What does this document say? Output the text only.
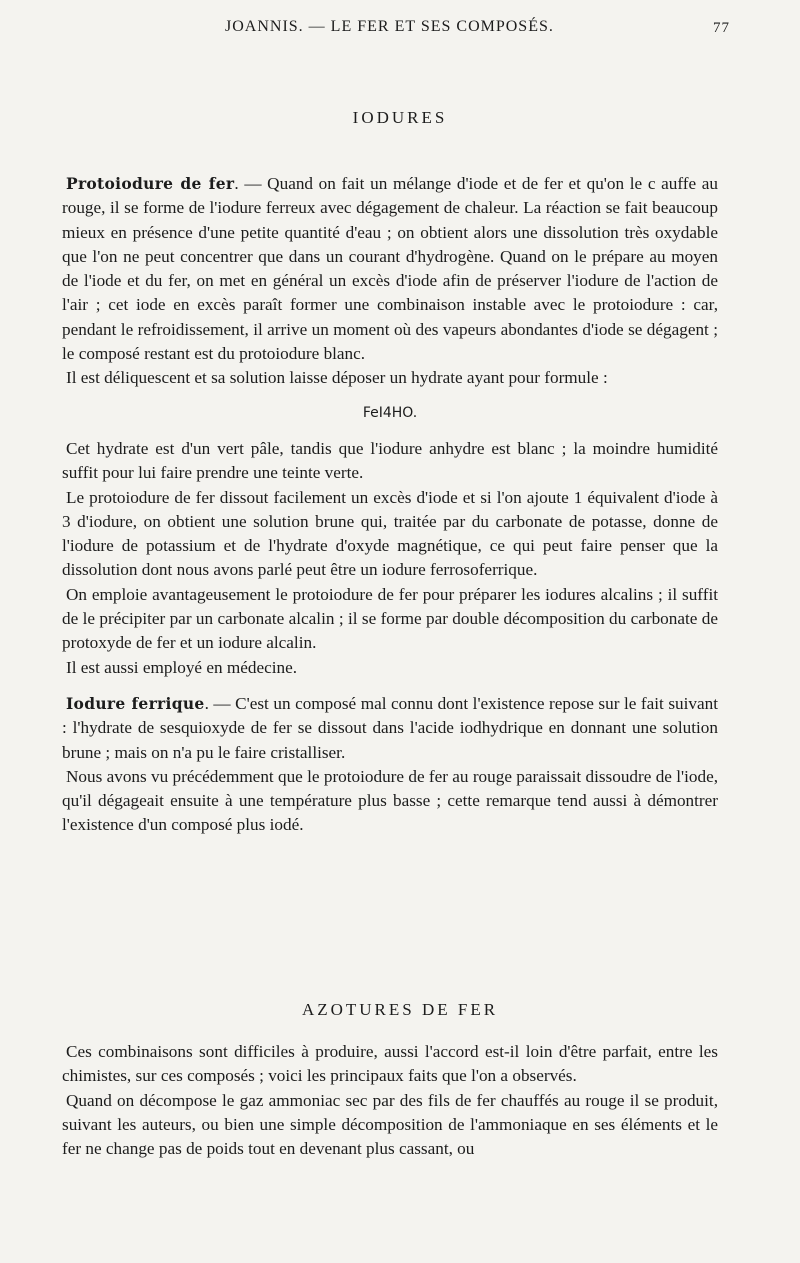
JOANNIS. — LE FER ET SES COMPOSÉS.	77
IODURES

Protoiodure de fer. — Quand on fait un mélange d'iode et de fer et qu'on le c auffe au rouge, il se forme de l'iodure ferreux avec dégagement de chaleur. La réaction se fait beaucoup mieux en présence d'une petite quantité d'eau ; on obtient alors une dissolution très oxydable que l'on ne peut concentrer que dans un courant d'hydrogène. Quand on le prépare au moyen de l'iode et du fer, on met en général un excès d'iode afin de préserver l'iodure de l'action de l'air ; cet iode en excès paraît former une combinaison instable avec le protoiodure : car, pendant le refroidissement, il arrive un moment où des vapeurs abondantes d'iode se dégagent ; le composé restant est du protoiodure blanc.

Il est déliquescent et sa solution laisse déposer un hydrate ayant pour formule :

FeI4HO.

Cet hydrate est d'un vert pâle, tandis que l'iodure anhydre est blanc ; la moindre humidité suffit pour lui faire prendre une teinte verte.

Le protoiodure de fer dissout facilement un excès d'iode et si l'on ajoute 1 équivalent d'iode à 3 d'iodure, on obtient une solution brune qui, traitée par du carbonate de potasse, donne de l'iodure de potassium et de l'hydrate d'oxyde magnétique, ce qui peut faire penser que la dissolution dont nous avons parlé peut être un iodure ferrosoferrique.

On emploie avantageusement le protoiodure de fer pour préparer les iodures alcalins ; il suffit de le précipiter par un carbonate alcalin ; il se forme par double décomposition du carbonate de protoxyde de fer et un iodure alcalin.

Il est aussi employé en médecine.

Iodure ferrique. — C'est un composé mal connu dont l'existence repose sur le fait suivant : l'hydrate de sesquioxyde de fer se dissout dans l'acide iodhydrique en donnant une solution brune ; mais on n'a pu le faire cristalliser.

Nous avons vu précédemment que le protoiodure de fer au rouge paraissait dissoudre de l'iode, qu'il dégageait ensuite à une température plus basse ; cette remarque tend aussi à démontrer l'existence d'un composé plus iodé.

AZOTURES DE FER

Ces combinaisons sont difficiles à produire, aussi l'accord est-il loin d'être parfait, entre les chimistes, sur ces composés ; voici les principaux faits que l'on a observés.

Quand on décompose le gaz ammoniac sec par des fils de fer chauffés au rouge il se produit, suivant les auteurs, ou bien une simple décomposition de l'ammoniaque en ses éléments et le fer ne change pas de poids tout en devenant plus cassant, ou
